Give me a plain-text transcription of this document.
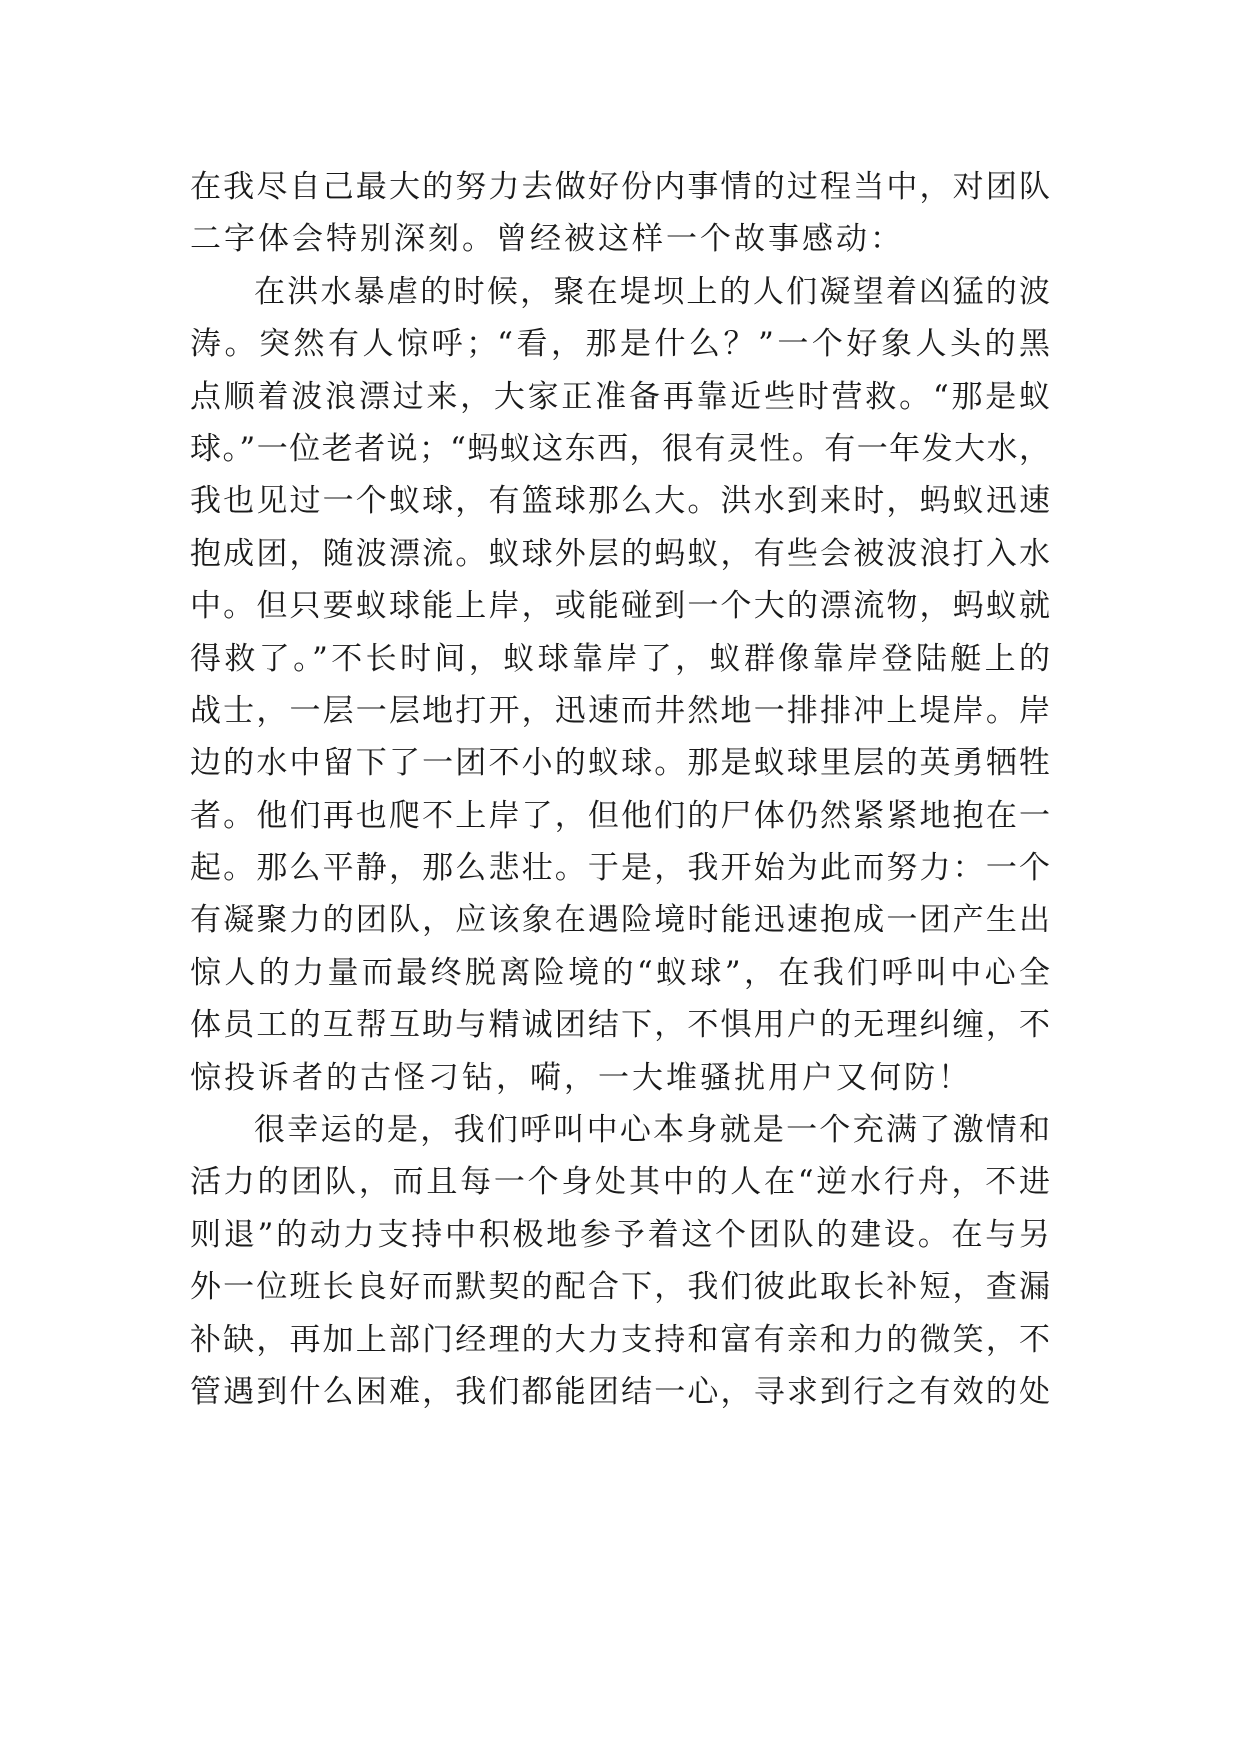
在我尽自己最大的努力去做好份内事情的过程当中，对团队
二字体会特别深刻。曾经被这样一个故事感动：
在洪水暴虐的时候，聚在堤坝上的人们凝望着凶猛的波
涛。突然有人惊呼；“看，那是什么？”一个好象人头的黑
点顺着波浪漂过来，大家正准备再靠近些时营救。“那是蚁
球。”一位老者说；“蚂蚁这东西，很有灵性。有一年发大水，
我也见过一个蚁球，有篮球那么大。洪水到来时，蚂蚁迅速
抱成团，随波漂流。蚁球外层的蚂蚁，有些会被波浪打入水
中。但只要蚁球能上岸，或能碰到一个大的漂流物，蚂蚁就
得救了。”不长时间，蚁球靠岸了，蚁群像靠岸登陆艇上的
战士，一层一层地打开，迅速而井然地一排排冲上堤岸。岸
边的水中留下了一团不小的蚁球。那是蚁球里层的英勇牺牲
者。他们再也爬不上岸了，但他们的尸体仍然紧紧地抱在一
起。那么平静，那么悲壮。于是，我开始为此而努力：一个
有凝聚力的团队，应该象在遇险境时能迅速抱成一团产生出
惊人的力量而最终脱离险境的“蚁球”，在我们呼叫中心全
体员工的互帮互助与精诚团结下，不惧用户的无理纠缠，不
惊投诉者的古怪刁钻，嗬，一大堆骚扰用户又何防！
很幸运的是，我们呼叫中心本身就是一个充满了激情和
活力的团队，而且每一个身处其中的人在“逆水行舟，不进
则退”的动力支持中积极地参予着这个团队的建设。在与另
外一位班长良好而默契的配合下，我们彼此取长补短，查漏
补缺，再加上部门经理的大力支持和富有亲和力的微笑，不
管遇到什么困难，我们都能团结一心，寻求到行之有效的处
